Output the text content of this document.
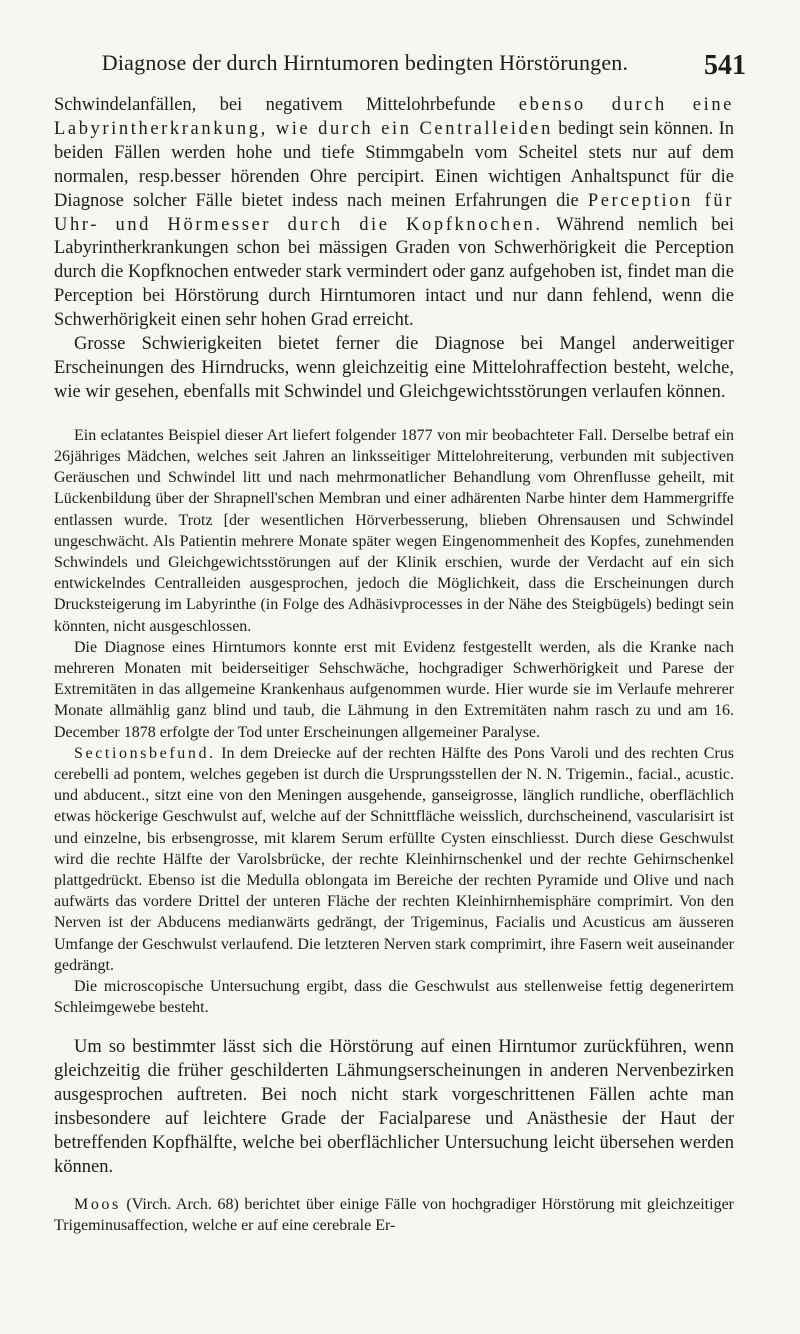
Diagnose der durch Hirntumoren bedingten Hörstörungen.	541

Schwindelanfällen, bei negativem Mittelohrbefunde ebenso durch eine Labyrintherkrankung, wie durch ein Centralleiden bedingt sein können. In beiden Fällen werden hohe und tiefe Stimmgabeln vom Scheitel stets nur auf dem normalen, resp.besser hörenden Ohre percipirt. Einen wichtigen Anhaltspunct für die Diagnose solcher Fälle bietet indess nach meinen Erfahrungen die Perception für Uhr- und Hörmesser durch die Kopfknochen. Während nemlich bei Labyrintherkrankungen schon bei mässigen Graden von Schwerhörigkeit die Perception durch die Kopfknochen entweder stark vermindert oder ganz aufgehoben ist, findet man die Perception bei Hörstörung durch Hirntumoren intact und nur dann fehlend, wenn die Schwerhörigkeit einen sehr hohen Grad erreicht.

Grosse Schwierigkeiten bietet ferner die Diagnose bei Mangel anderweitiger Erscheinungen des Hirndrucks, wenn gleichzeitig eine Mittelohraffection besteht, welche, wie wir gesehen, ebenfalls mit Schwindel und Gleichgewichtsstörungen verlaufen können.

Ein eclatantes Beispiel dieser Art liefert folgender 1877 von mir beobachteter Fall. Derselbe betraf ein 26jähriges Mädchen, welches seit Jahren an linksseitiger Mittelohreiterung, verbunden mit subjectiven Geräuschen und Schwindel litt und nach mehrmonatlicher Behandlung vom Ohrenflusse geheilt, mit Lückenbildung über der Shrapnell'schen Membran und einer adhärenten Narbe hinter dem Hammergriffe entlassen wurde. Trotz [der wesentlichen Hörverbesserung, blieben Ohrensausen und Schwindel ungeschwächt. Als Patientin mehrere Monate später wegen Eingenommenheit des Kopfes, zunehmenden Schwindels und Gleichgewichtsstörungen auf der Klinik erschien, wurde der Verdacht auf ein sich entwickelndes Centralleiden ausgesprochen, jedoch die Möglichkeit, dass die Erscheinungen durch Drucksteigerung im Labyrinthe (in Folge des Adhäsivprocesses in der Nähe des Steigbügels) bedingt sein könnten, nicht ausgeschlossen.

Die Diagnose eines Hirntumors konnte erst mit Evidenz festgestellt werden, als die Kranke nach mehreren Monaten mit beiderseitiger Sehschwäche, hochgradiger Schwerhörigkeit und Parese der Extremitäten in das allgemeine Krankenhaus aufgenommen wurde. Hier wurde sie im Verlaufe mehrerer Monate allmählig ganz blind und taub, die Lähmung in den Extremitäten nahm rasch zu und am 16. December 1878 erfolgte der Tod unter Erscheinungen allgemeiner Paralyse.

Sectionsbefund. In dem Dreiecke auf der rechten Hälfte des Pons Varoli und des rechten Crus cerebelli ad pontem, welches gegeben ist durch die Ursprungsstellen der N. N. Trigemin., facial., acustic. und abducent., sitzt eine von den Meningen ausgehende, ganseigrosse, länglich rundliche, oberflächlich etwas höckerige Geschwulst auf, welche auf der Schnittfläche weisslich, durchscheinend, vascularisirt ist und einzelne, bis erbsengrosse, mit klarem Serum erfüllte Cysten einschliesst. Durch diese Geschwulst wird die rechte Hälfte der Varolsbrücke, der rechte Kleinhirnschenkel und der rechte Gehirnschenkel plattgedrückt. Ebenso ist die Medulla oblongata im Bereiche der rechten Pyramide und Olive und nach aufwärts das vordere Drittel der unteren Fläche der rechten Kleinhirnhemisphäre comprimirt. Von den Nerven ist der Abducens medianwärts gedrängt, der Trigeminus, Facialis und Acusticus am äusseren Umfange der Geschwulst verlaufend. Die letzteren Nerven stark comprimirt, ihre Fasern weit auseinander gedrängt.

Die microscopische Untersuchung ergibt, dass die Geschwulst aus stellenweise fettig degenerirtem Schleimgewebe besteht.

Um so bestimmter lässt sich die Hörstörung auf einen Hirntumor zurückführen, wenn gleichzeitig die früher geschilderten Lähmungserscheinungen in anderen Nervenbezirken ausgesprochen auftreten. Bei noch nicht stark vorgeschrittenen Fällen achte man insbesondere auf leichtere Grade der Facialparese und Anästhesie der Haut der betreffenden Kopfhälfte, welche bei oberflächlicher Untersuchung leicht übersehen werden können.

Moos (Virch. Arch. 68) berichtet über einige Fälle von hochgradiger Hörstörung mit gleichzeitiger Trigeminusaffection, welche er auf eine cerebrale Er-
